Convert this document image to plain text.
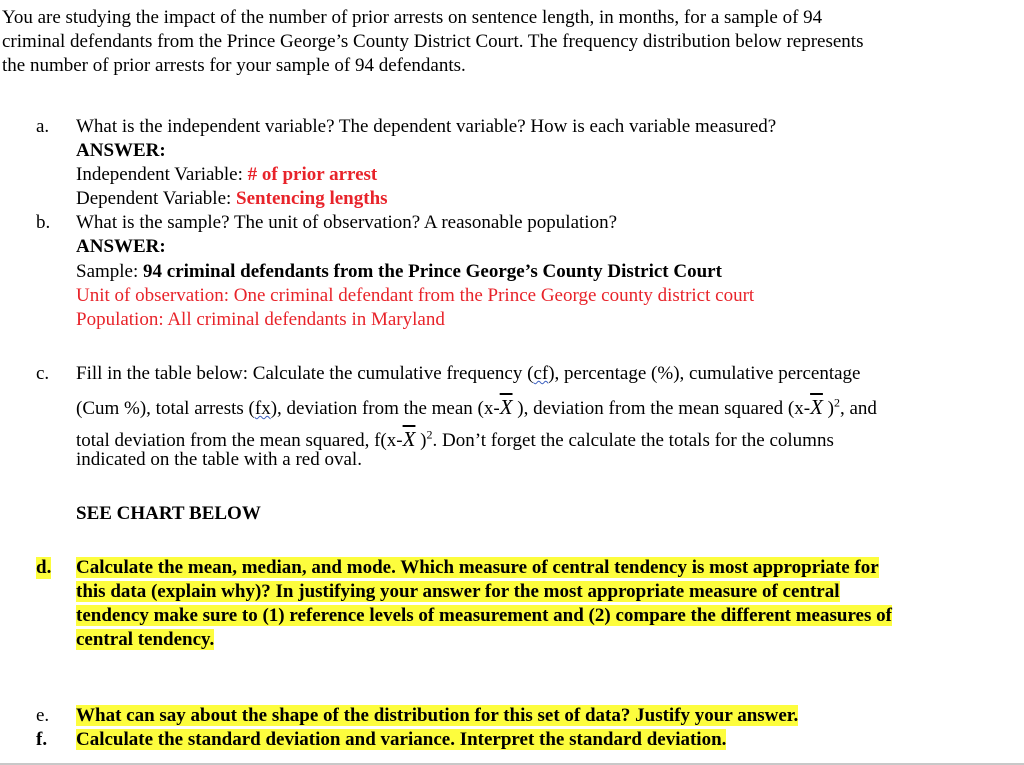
You are studying the impact of the number of prior arrests on sentence length, in months, for a sample of 94
criminal defendants from the Prince George’s County District Court. The frequency distribution below represents
the number of prior arrests for your sample of 94 defendants.
a. What is the independent variable? The dependent variable? How is each variable measured?
ANSWER:
Independent Variable: # of prior arrest
Dependent Variable: Sentencing lengths
b. What is the sample? The unit of observation? A reasonable population?
ANSWER:
Sample: 94 criminal defendants from the Prince George’s County District Court
Unit of observation: One criminal defendant from the Prince George county district court
Population: All criminal defendants in Maryland
c. Fill in the table below: Calculate the cumulative frequency (cf), percentage (%), cumulative percentage
(Cum %), total arrests (fx), deviation from the mean ($x-\overline{X}$ ), deviation from the mean squared ($x-\overline{X}$ )$^2$, and
total deviation from the mean squared, $f(x-\overline{X}$ )$^2$. Don’t forget the calculate the totals for the columns
indicated on the table with a red oval.
SEE CHART BELOW
d. Calculate the mean, median, and mode. Which measure of central tendency is most appropriate for
this data (explain why)? In justifying your answer for the most appropriate measure of central
tendency make sure to (1) reference levels of measurement and (2) compare the different measures of
central tendency.
e. What can say about the shape of the distribution for this set of data? Justify your answer.
f. Calculate the standard deviation and variance. Interpret the standard deviation.
